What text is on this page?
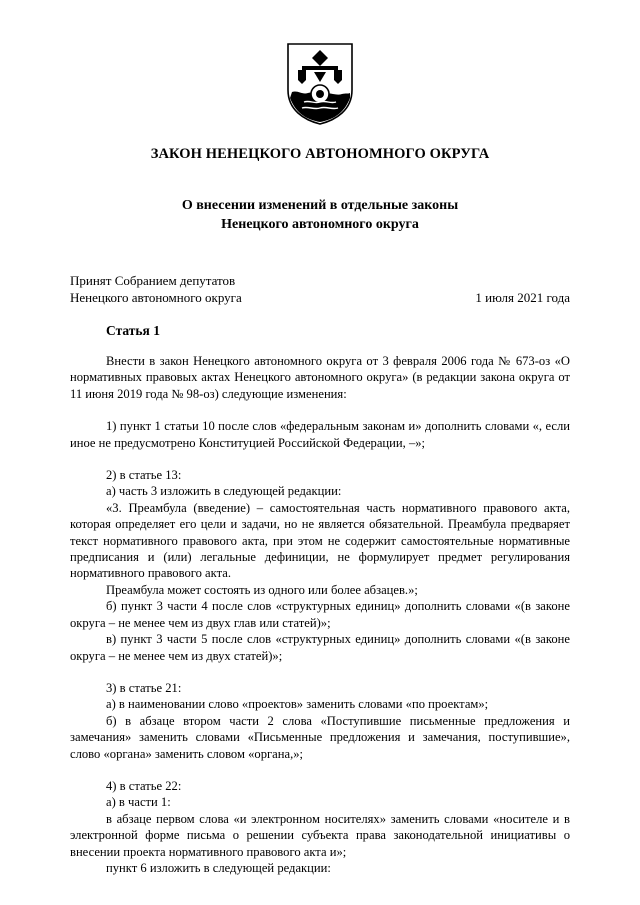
ЗАКОН НЕНЕЦКОГО АВТОНОМНОГО ОКРУГА
О внесении изменений в отдельные законы
Ненецкого автономного округа
Принят Собранием депутатов
Ненецкого автономного округа	1 июля 2021 года
Статья 1

Внести в закон Ненецкого автономного округа от 3 февраля 2006 года № 673-оз «О нормативных правовых актах Ненецкого автономного округа» (в редакции закона округа от 11 июня 2019 года № 98-оз) следующие изменения:

1) пункт 1 статьи 10 после слов «федеральным законам и» дополнить словами «, если иное не предусмотрено Конституцией Российской Федерации, –»;

2) в статье 13:

а) часть 3 изложить в следующей редакции:

«3. Преамбула (введение) – самостоятельная часть нормативного правового акта, которая определяет его цели и задачи, но не является обязательной. Преамбула предваряет текст нормативного правового акта, при этом не содержит самостоятельные нормативные предписания и (или) легальные дефиниции, не формулирует предмет регулирования нормативного правового акта.

Преамбула может состоять из одного или более абзацев.»;

б) пункт 3 части 4 после слов «структурных единиц» дополнить словами «(в законе округа – не менее чем из двух глав или статей)»;

в) пункт 3 части 5 после слов «структурных единиц» дополнить словами «(в законе округа – не менее чем из двух статей)»;

3) в статье 21:

а) в наименовании слово «проектов» заменить словами «по проектам»;

б) в абзаце втором части 2 слова «Поступившие письменные предложения и замечания» заменить словами «Письменные предложения и замечания, поступившие», слово «органа» заменить словом «органа,»;

4) в статье 22:

а) в части 1:

в абзаце первом слова «и электронном носителях» заменить словами «носителе и в электронной форме письма о решении субъекта права законодательной инициативы о внесении проекта нормативного правового акта и»;

пункт 6 изложить в следующей редакции:
